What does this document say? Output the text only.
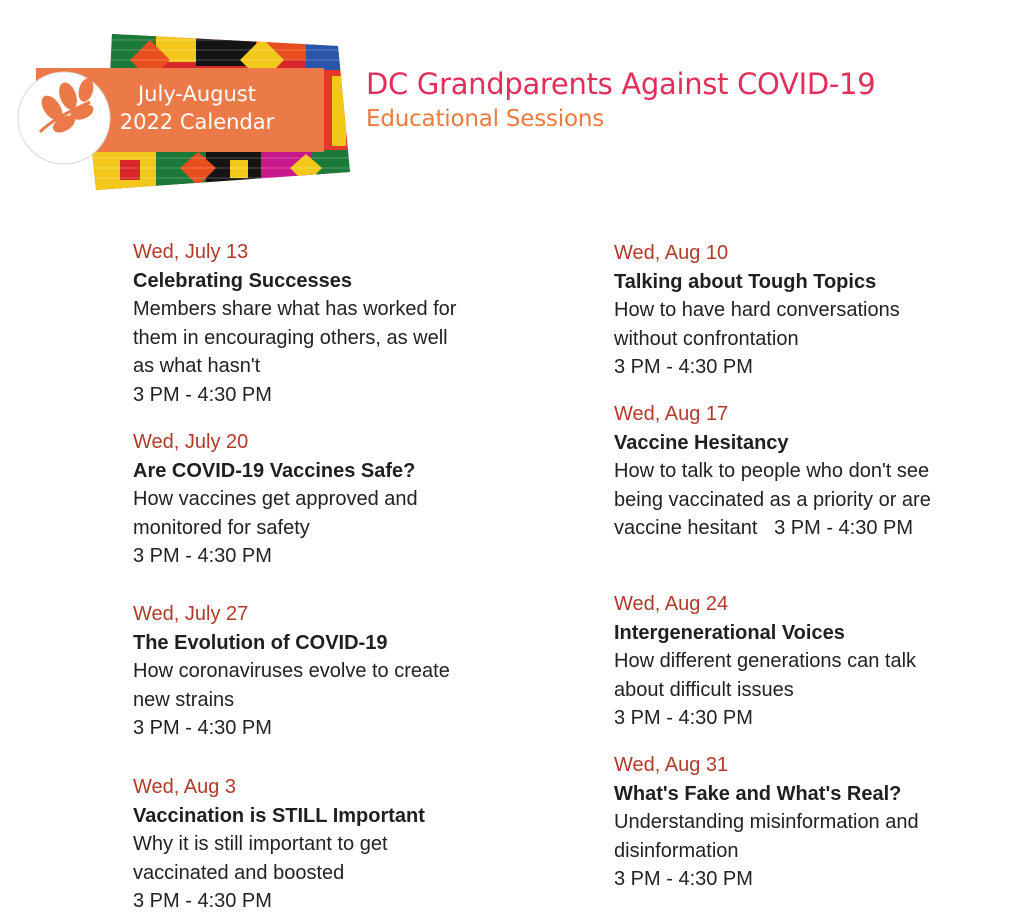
July-August
2022 Calendar
DC Grandparents Against COVID-19
Educational Sessions
Wed, July 13
Celebrating Successes
Members share what has worked for them in encouraging others, as well as what hasn't
3 PM - 4:30 PM
Wed, July 20
Are COVID-19 Vaccines Safe?
How vaccines get approved and monitored for safety
3 PM - 4:30 PM
Wed, July 27
The Evolution of COVID-19
How coronaviruses evolve to create new strains
3 PM - 4:30 PM
Wed, Aug 3
Vaccination is STILL Important
Why it is still important to get vaccinated and boosted
3 PM - 4:30 PM
Wed, Aug 10
Talking about Tough Topics
How to have hard conversations without confrontation
3 PM - 4:30 PM
Wed, Aug 17
Vaccine Hesitancy
How to talk to people who don't see being vaccinated as a priority or are vaccine hesitant 3 PM - 4:30 PM
Wed, Aug 24
Intergenerational Voices
How different generations can talk about difficult issues
3 PM - 4:30 PM
Wed, Aug 31
What's Fake and What's Real?
Understanding misinformation and disinformation
3 PM - 4:30 PM
